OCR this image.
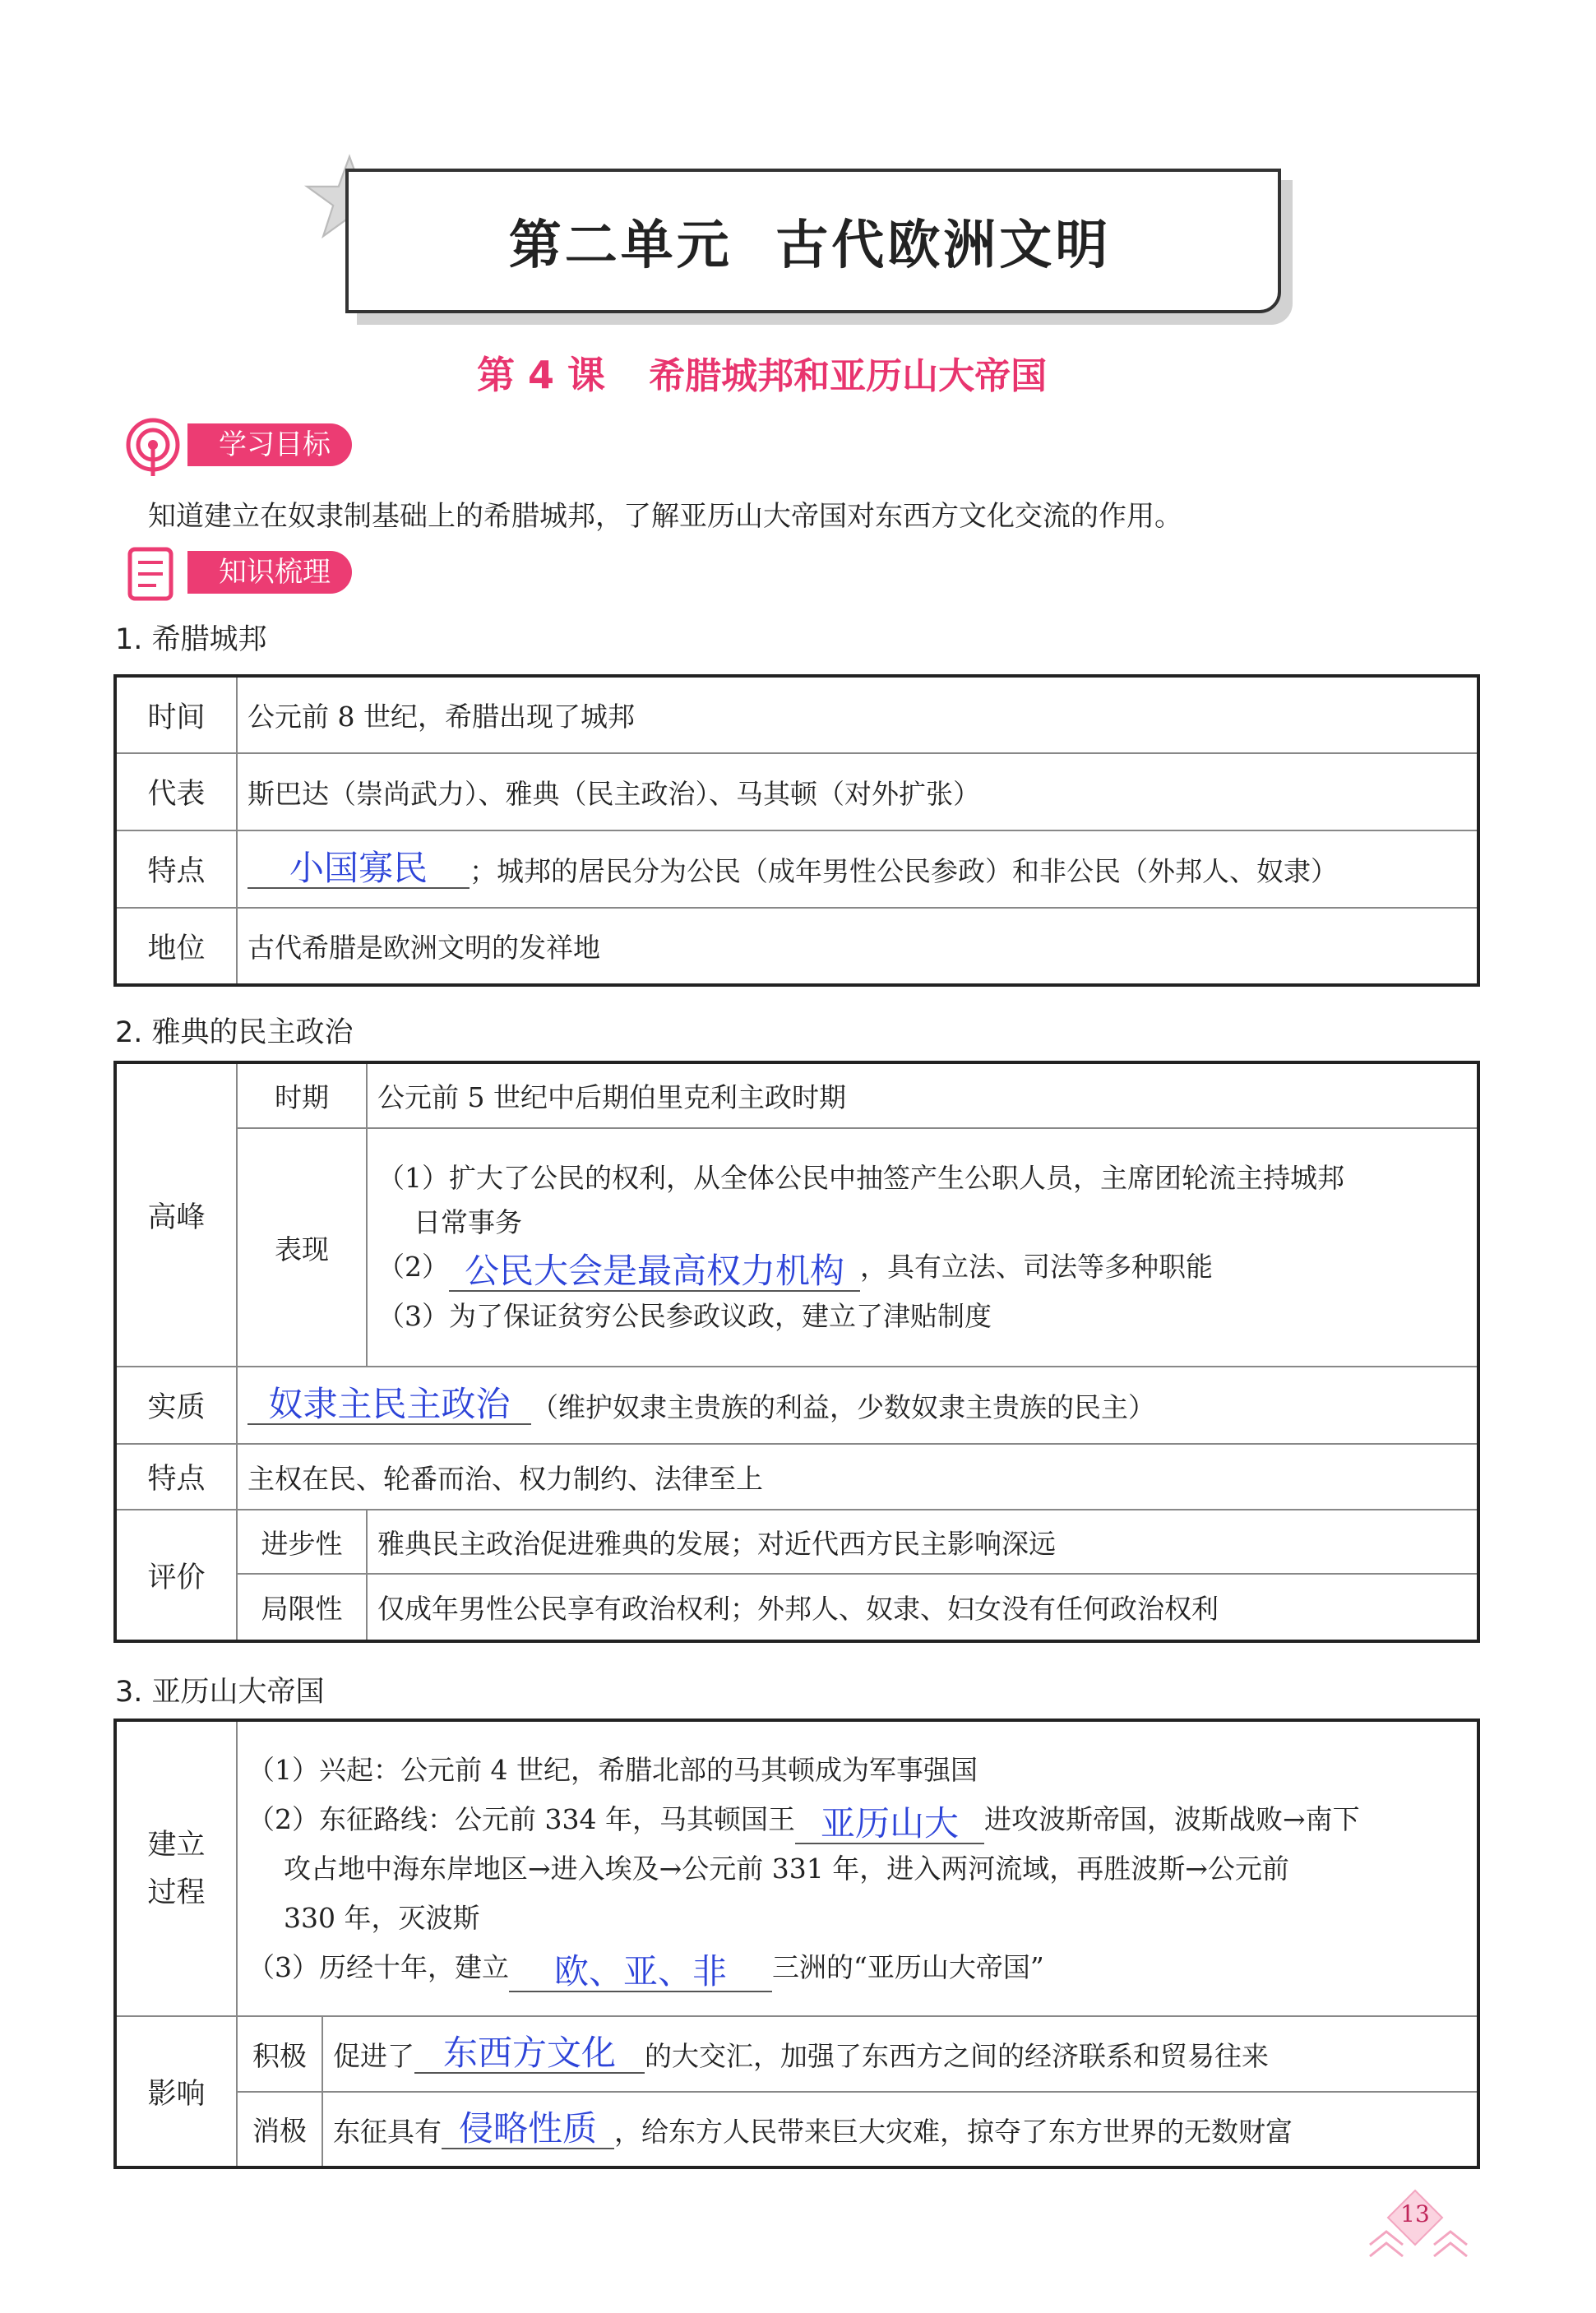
第二单元  古代欧洲文明
第 4 课 希腊城邦和亚历山大帝国
学习目标
知道建立在奴隶制基础上的希腊城邦，了解亚历山大帝国对东西方文化交流的作用。
知识梳理
1. 希腊城邦
时间	公元前 8 世纪，希腊出现了城邦
代表	斯巴达（崇尚武力）、雅典（民主政治）、马其顿（对外扩张）
特点	小国寡民 ；城邦的居民分为公民（成年男性公民参政）和非公民（外邦人、奴隶）
地位	古代希腊是欧洲文明的发祥地
2. 雅典的民主政治
高峰	时期	公元前 5 世纪中后期伯里克利主政时期
	表现	（1）扩大了公民的权利，从全体公民中抽签产生公职人员，主席团轮流主持城邦
日常事务
（2） 公民大会是最高权力机构 ，具有立法、司法等多种职能
（3）为了保证贫穷公民参政议政，建立了津贴制度

实质	奴隶主民主政治 （维护奴隶主贵族的利益，少数奴隶主贵族的民主）	
特点	主权在民、轮番而治、权力制约、法律至上	
评价	进步性	雅典民主政治促进雅典的发展；对近代西方民主影响深远
	局限性	仅成年男性公民享有政治权利；外邦人、奴隶、妇女没有任何政治权利
3. 亚历山大帝国
建立
过程	（1）兴起：公元前 4 世纪，希腊北部的马其顿成为军事强国
（2）东征路线：公元前 334 年，马其顿国王 亚历山大 进攻波斯帝国，波斯战败→南下
攻占地中海东岸地区→进入埃及→公元前 331 年，进入两河流域，再胜波斯→公元前
330 年，灭波斯
（3）历经十年，建立 欧、亚、非 三洲的“亚历山大帝国”	

影响	积极	促进了 东西方文化 的大交汇，加强了东西方之间的经济联系和贸易往来
	消极	东征具有 侵略性质 ，给东方人民带来巨大灾难，掠夺了东方世界的无数财富
13
